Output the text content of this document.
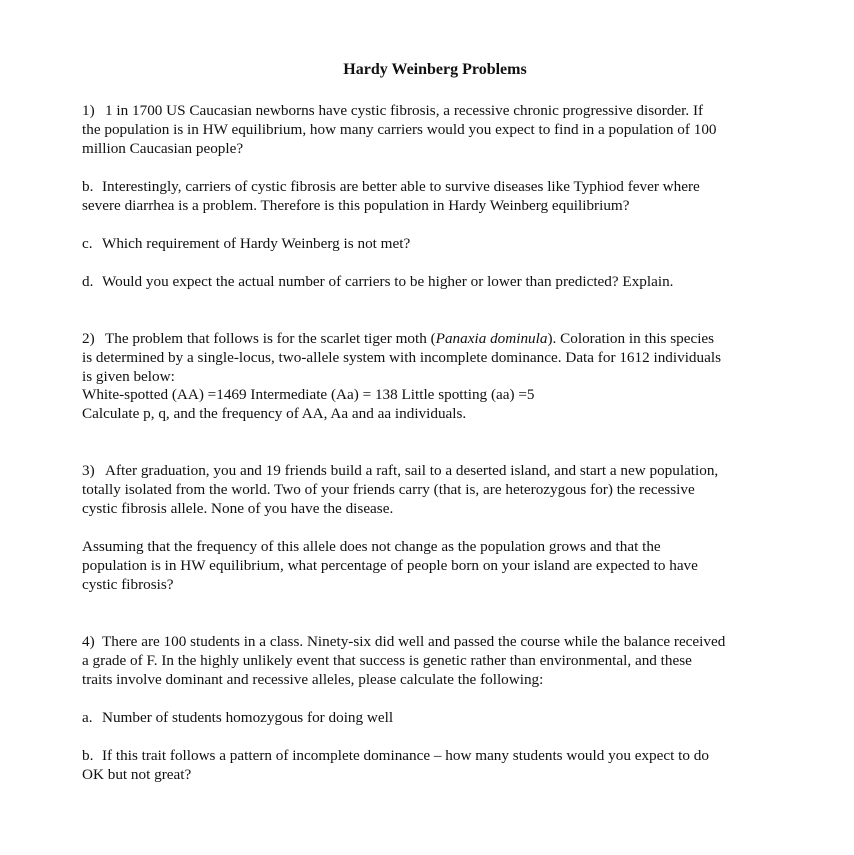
Hardy Weinberg Problems
1) 1 in 1700 US Caucasian newborns have cystic fibrosis, a recessive chronic progressive disorder. If
the population is in HW equilibrium, how many carriers would you expect to find in a population of 100
million Caucasian people?
b. Interestingly, carriers of cystic fibrosis are better able to survive diseases like Typhiod fever where
severe diarrhea is a problem. Therefore is this population in Hardy Weinberg equilibrium?
c. Which requirement of Hardy Weinberg is not met?
d. Would you expect the actual number of carriers to be higher or lower than predicted? Explain.
2) The problem that follows is for the scarlet tiger moth (Panaxia dominula). Coloration in this species
is determined by a single-locus, two-allele system with incomplete dominance. Data for 1612 individuals
is given below:
White-spotted (AA) =1469 Intermediate (Aa) = 138 Little spotting (aa) =5
Calculate p, q, and the frequency of AA, Aa and aa individuals.
3) After graduation, you and 19 friends build a raft, sail to a deserted island, and start a new population,
totally isolated from the world. Two of your friends carry (that is, are heterozygous for) the recessive
cystic fibrosis allele. None of you have the disease.
Assuming that the frequency of this allele does not change as the population grows and that the
population is in HW equilibrium, what percentage of people born on your island are expected to have
cystic fibrosis?
4) There are 100 students in a class. Ninety-six did well and passed the course while the balance received
a grade of F. In the highly unlikely event that success is genetic rather than environmental, and these
traits involve dominant and recessive alleles, please calculate the following:
a. Number of students homozygous for doing well
b. If this trait follows a pattern of incomplete dominance – how many students would you expect to do
OK but not great?
